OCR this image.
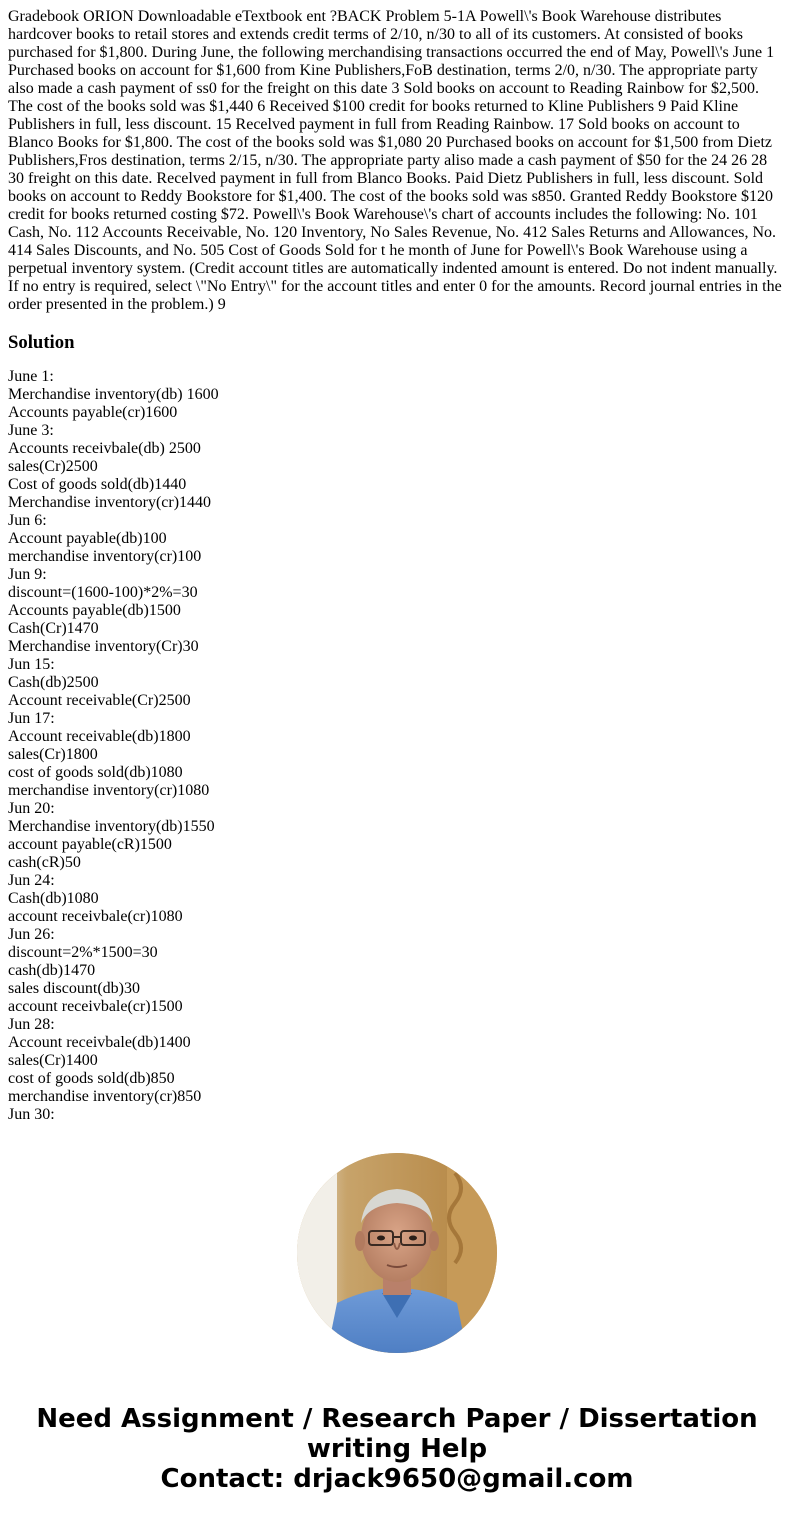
Gradebook ORION Downloadable eTextbook ent ?BACK Problem 5-1A Powell\'s Book Warehouse distributes hardcover books to retail stores and extends credit terms of 2/10, n/30 to all of its customers. At consisted of books purchased for $1,800. During June, the following merchandising transactions occurred the end of May, Powell\'s June 1 Purchased books on account for $1,600 from Kine Publishers,FoB destination, terms 2/0, n/30. The appropriate party also made a cash payment of ss0 for the freight on this date 3 Sold books on account to Reading Rainbow for $2,500. The cost of the books sold was $1,440 6 Received $100 credit for books returned to Kline Publishers 9 Paid Kline Publishers in full, less discount. 15 Recelved payment in full from Reading Rainbow. 17 Sold books on account to Blanco Books for $1,800. The cost of the books sold was $1,080 20 Purchased books on account for $1,500 from Dietz Publishers,Fros destination, terms 2/15, n/30. The appropriate party aliso made a cash payment of $50 for the 24 26 28 30 freight on this date. Recelved payment in full from Blanco Books. Paid Dietz Publishers in full, less discount. Sold books on account to Reddy Bookstore for $1,400. The cost of the books sold was s850. Granted Reddy Bookstore $120 credit for books returned costing $72. Powell\'s Book Warehouse\'s chart of accounts includes the following: No. 101 Cash, No. 112 Accounts Receivable, No. 120 Inventory, No Sales Revenue, No. 412 Sales Returns and Allowances, No. 414 Sales Discounts, and No. 505 Cost of Goods Sold for t he month of June for Powell\'s Book Warehouse using a perpetual inventory system. (Credit account titles are automatically indented amount is entered. Do not indent manually. If no entry is required, select \"No Entry\" for the account titles and enter 0 for the amounts. Record journal entries in the order presented in the problem.) 9

Solution
June 1:
Merchandise inventory(db) 1600
Accounts payable(cr)1600
June 3:
Accounts receivbale(db) 2500
sales(Cr)2500
Cost of goods sold(db)1440
Merchandise inventory(cr)1440
Jun 6:
Account payable(db)100
merchandise inventory(cr)100
Jun 9:
discount=(1600-100)*2%=30
Accounts payable(db)1500
Cash(Cr)1470
Merchandise inventory(Cr)30
Jun 15:
Cash(db)2500
Account receivable(Cr)2500
Jun 17:
Account receivable(db)1800
sales(Cr)1800
cost of goods sold(db)1080
merchandise inventory(cr)1080
Jun 20:
Merchandise inventory(db)1550
account payable(cR)1500
cash(cR)50
Jun 24:
Cash(db)1080
account receivbale(cr)1080
Jun 26:
discount=2%*1500=30
cash(db)1470
sales discount(db)30
account receivbale(cr)1500
Jun 28:
Account receivbale(db)1400
sales(Cr)1400
cost of goods sold(db)850
merchandise inventory(cr)850
Jun 30:
Need Assignment / Research Paper / Dissertation
writing Help
Contact: drjack9650@gmail.com
